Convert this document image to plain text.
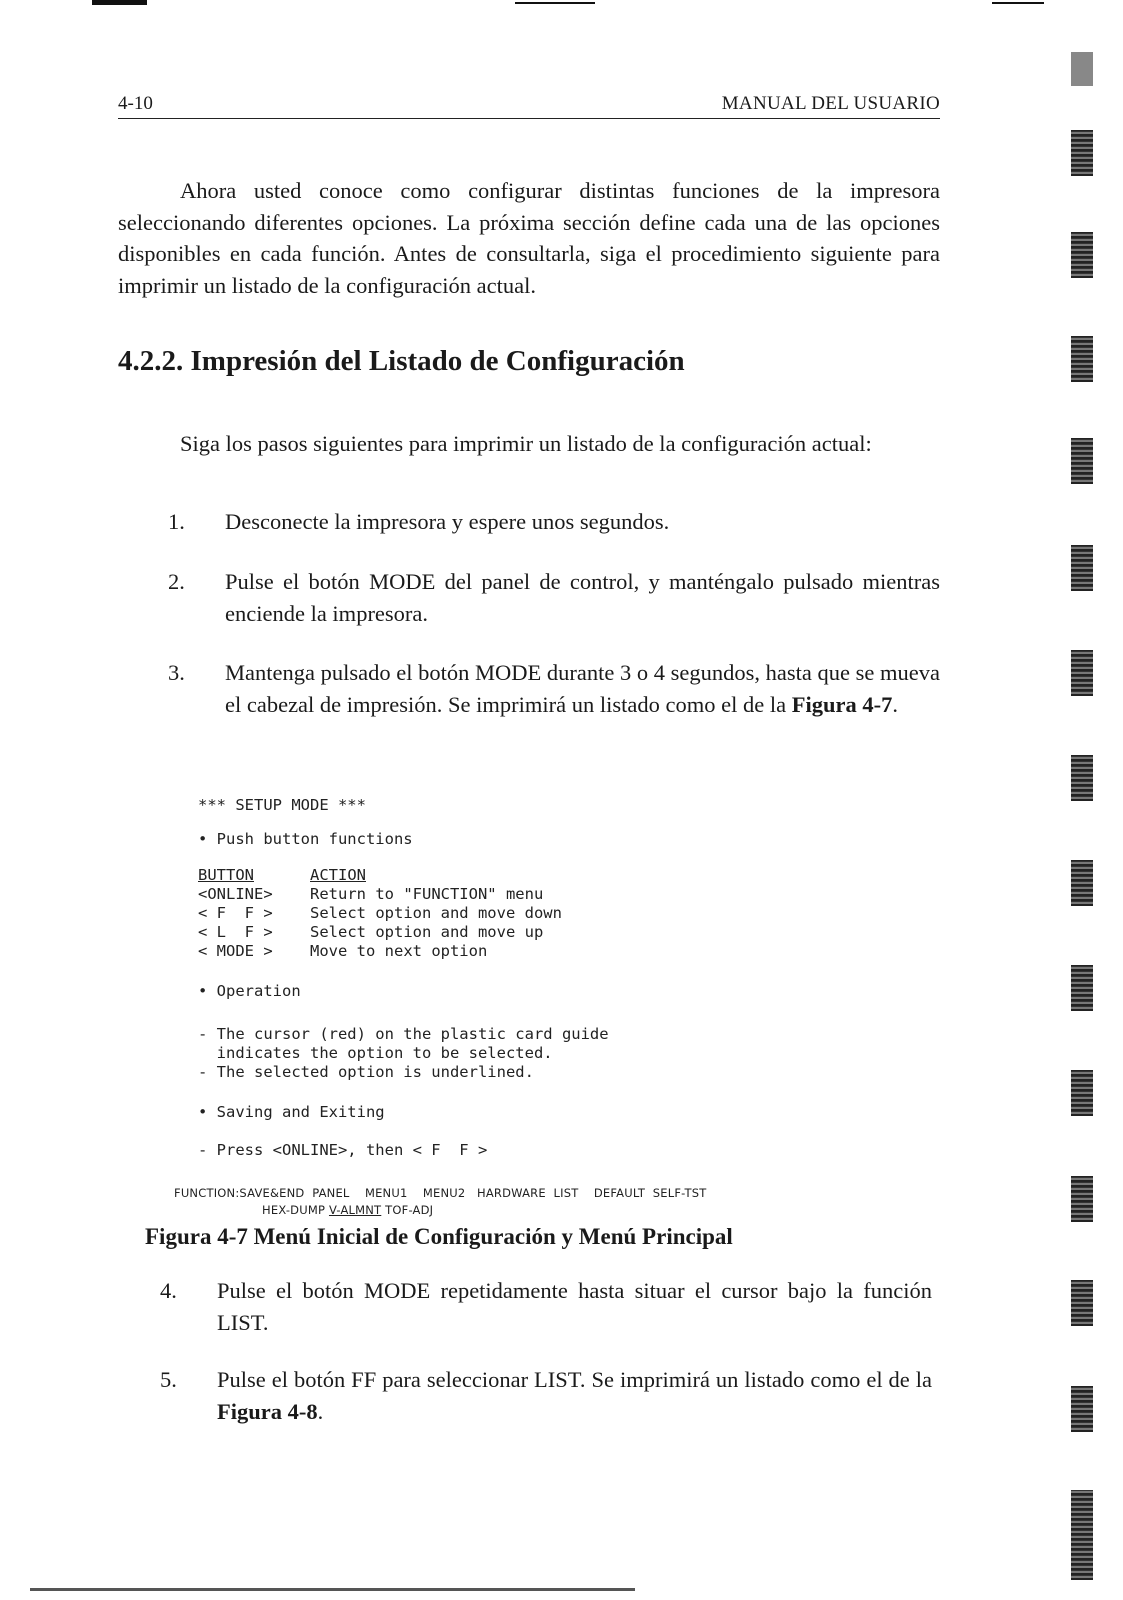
4-10	MANUAL DEL USUARIO

Ahora usted conoce como configurar distintas funciones de la impresora seleccionando diferentes opciones. La próxima sección define cada una de las opciones disponibles en cada función. Antes de consultarla, siga el procedimiento siguiente para imprimir un listado de la configuración actual.

4.2.2. Impresión del Listado de Configuración

Siga los pasos siguientes para imprimir un listado de la configuración actual:

1.	Desconecte la impresora y espere unos segundos.
2.	Pulse el botón MODE del panel de control, y manténgalo pulsado mientras enciende la impresora.
3.	Mantenga pulsado el botón MODE durante 3 o 4 segundos, hasta que se mueva el cabezal de impresión. Se imprimirá un listado como el de la Figura 4-7.
*** SETUP MODE ***
• Push button functions
BUTTON	ACTION
<ONLINE> Return to "FUNCTION" menu
< F  F > Select option and move down
< L  F > Select option and move up
< MODE > Move to next option
• Operation
- The cursor (red) on the plastic card guide
indicates the option to be selected.
- The selected option is underlined.
• Saving and Exiting
- Press <ONLINE>, then < F  F >
FUNCTION:SAVE&END  PANEL    MENU1    MENU2   HARDWARE  LIST    DEFAULT  SELF-TST
HEX-DUMP V-ALMNT TOF-ADJ
Figura 4-7 Menú Inicial de Configuración y Menú Principal
4.	Pulse el botón MODE repetidamente hasta situar el cursor bajo la función LIST.
5.	Pulse el botón FF para seleccionar LIST. Se imprimirá un listado como el de la Figura 4-8.
